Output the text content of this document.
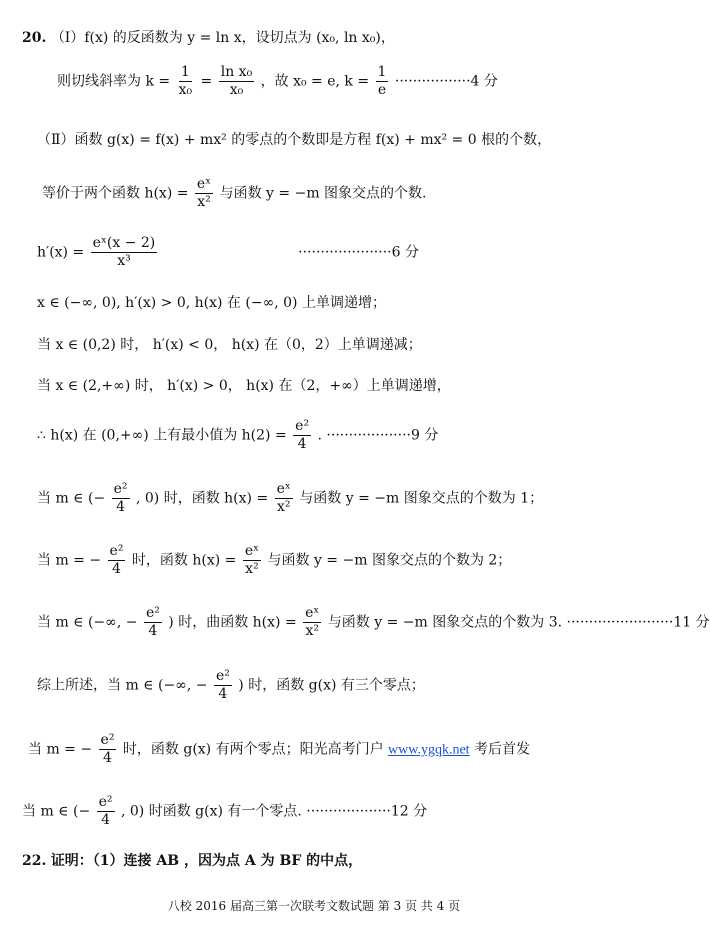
20. （Ⅰ）f(x) 的反函数为 y = ln x，设切点为 (x₀, ln x₀)，
则切线斜率为 $k = \frac{1}{\text{x₀}} = \frac{\text{ln x₀}}{\text{x₀}}$ ，故 x₀ = e, $k = \frac{1}{e} \cdot\cdot\cdot\cdot\cdot\cdot\cdot\cdot\cdot\cdot\cdot\cdot\cdot\cdot\cdot\cdot\cdot 4$ 分
（Ⅱ）函数 g(x) = f(x) + mx² 的零点的个数即是方程 f(x) + mx² = 0 根的个数，
等价于两个函数 $h(x) = \frac{\text{eˣ}}{\text{x²}}$ 与函数 y = −m 图象交点的个数.
$h'(x) = \frac{\text{eˣ(x − 2)}}{\text{x³}}$	·····················6 分
x ∈ (−∞, 0), h′(x) > 0, h(x) 在 (−∞, 0) 上单调递增；
当 x ∈ (0,2) 时， h′(x) < 0， h(x) 在（0，2）上单调递减；
当 x ∈ (2,+∞) 时， h′(x) > 0， h(x) 在（2，+∞）上单调递增，
∴ h(x) 在 (0,+∞) 上有最小值为 $h(2) = \frac{\text{e²}}{4}$ . ···················9 分
当 m ∈ (− $\frac{\text{e²}}{4}$ , 0) 时，函数 $h(x) = \frac{\text{eˣ}}{\text{x²}}$ 与函数 y = −m 图象交点的个数为 1；
当 m = − $\frac{\text{e²}}{4}$ 时，函数 $h(x) = \frac{\text{eˣ}}{\text{x²}}$ 与函数 y = −m 图象交点的个数为 2；
当 m ∈ (−∞, − $\frac{\text{e²}}{4}$ ) 时，曲函数 $h(x) = \frac{\text{eˣ}}{\text{x²}}$ 与函数 y = −m 图象交点的个数为 3. ························11 分
综上所述，当 m ∈ (−∞, − $\frac{\text{e²}}{4}$ ) 时，函数 g(x) 有三个零点；
当 m = − $\frac{\text{e²}}{4}$ 时，函数 g(x) 有两个零点；阳光高考门户 www.ygqk.net 考后首发
当 m ∈ (− $\frac{\text{e²}}{4}$ , 0) 时函数 g(x) 有一个零点. ···················12 分
22. 证明：（1）连接 AB ，因为点 A 为 BF 的中点，
八校 2016 届高三第一次联考文数试题 第 3 页 共 4 页
